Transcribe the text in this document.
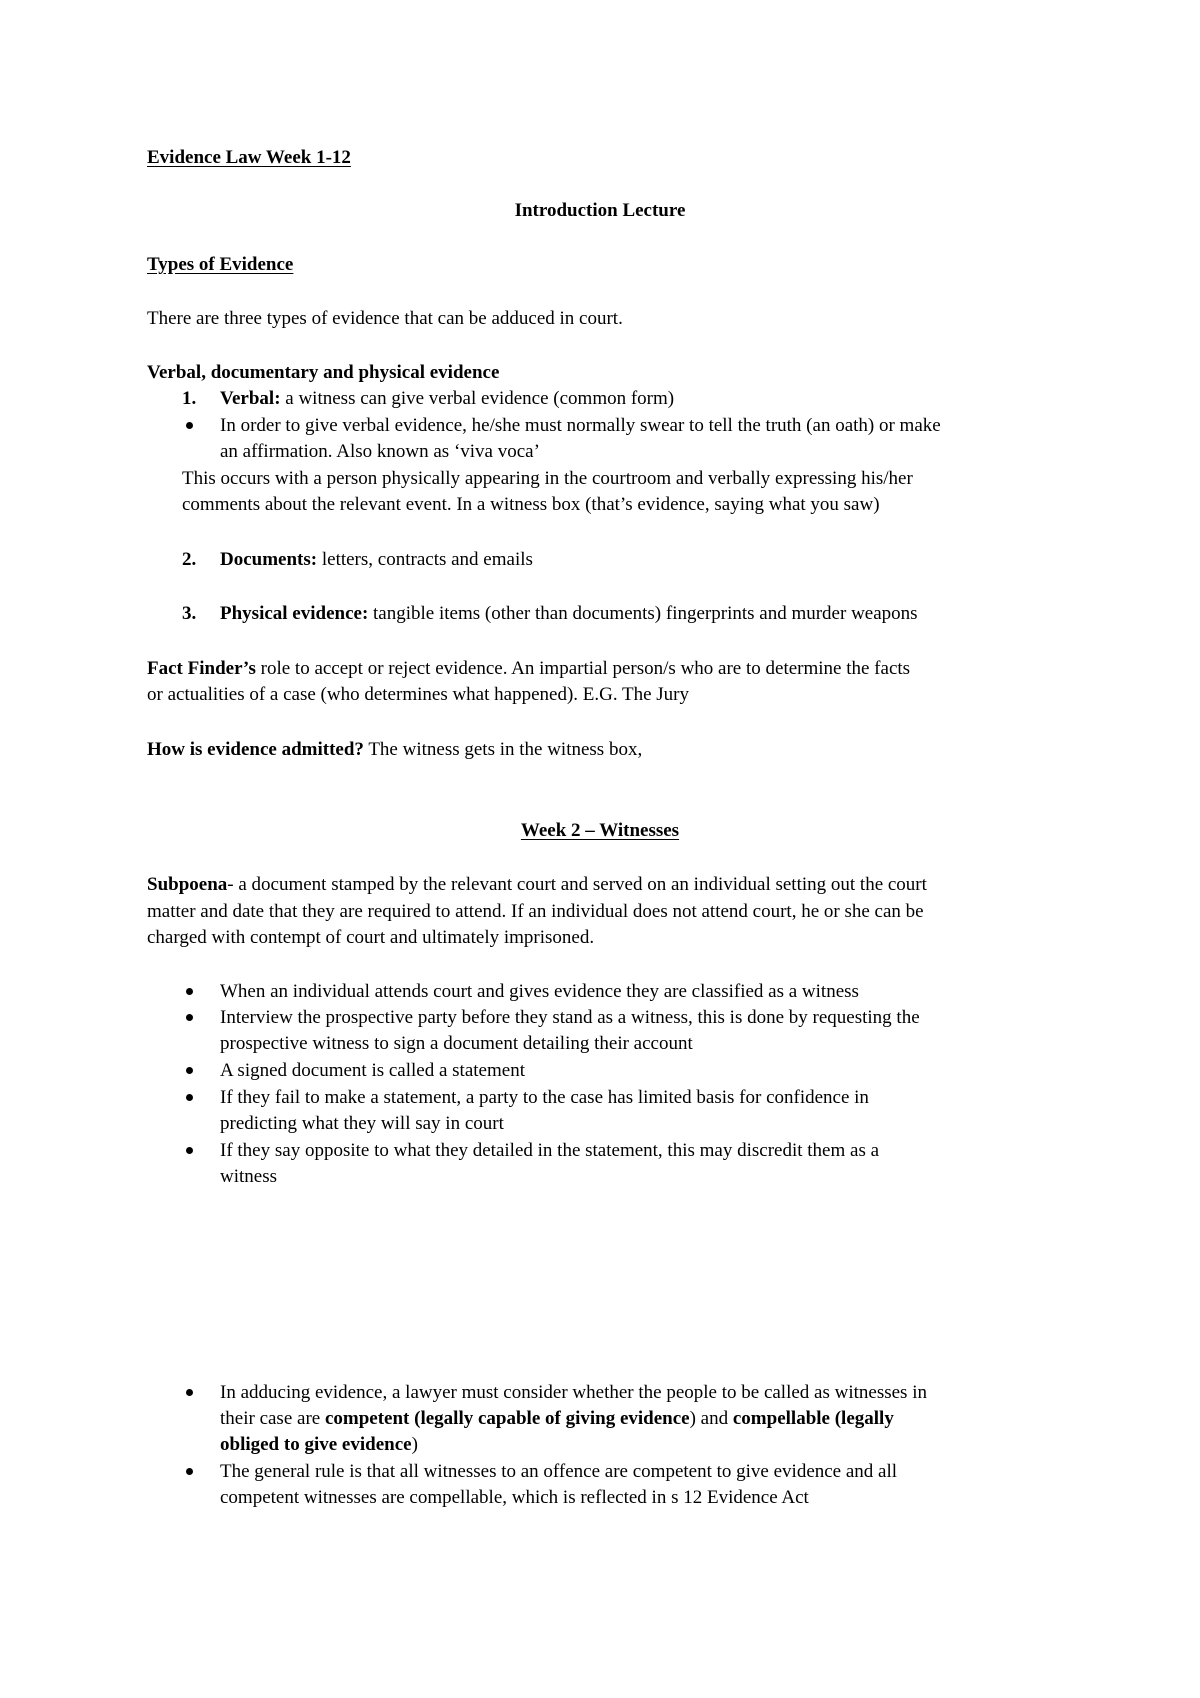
Evidence Law Week 1-12
Introduction Lecture
Types of Evidence
There are three types of evidence that can be adduced in court.
Verbal, documentary and physical evidence
1. Verbal: a witness can give verbal evidence (common form)
In order to give verbal evidence, he/she must normally swear to tell the truth (an oath) or make
an affirmation. Also known as ‘viva voca’
This occurs with a person physically appearing in the courtroom and verbally expressing his/her
comments about the relevant event. In a witness box (that’s evidence, saying what you saw)
2. Documents: letters, contracts and emails
3. Physical evidence: tangible items (other than documents) fingerprints and murder weapons
Fact Finder’s role to accept or reject evidence. An impartial person/s who are to determine the facts
or actualities of a case (who determines what happened). E.G. The Jury
How is evidence admitted? The witness gets in the witness box,
Week 2 – Witnesses
Subpoena- a document stamped by the relevant court and served on an individual setting out the court
matter and date that they are required to attend. If an individual does not attend court, he or she can be
charged with contempt of court and ultimately imprisoned.
When an individual attends court and gives evidence they are classified as a witness
Interview the prospective party before they stand as a witness, this is done by requesting the
prospective witness to sign a document detailing their account
A signed document is called a statement
If they fail to make a statement, a party to the case has limited basis for confidence in
predicting what they will say in court
If they say opposite to what they detailed in the statement, this may discredit them as a
witness
In adducing evidence, a lawyer must consider whether the people to be called as witnesses in
their case are competent (legally capable of giving evidence) and compellable (legally
obliged to give evidence)
The general rule is that all witnesses to an offence are competent to give evidence and all
competent witnesses are compellable, which is reflected in s 12 Evidence Act
